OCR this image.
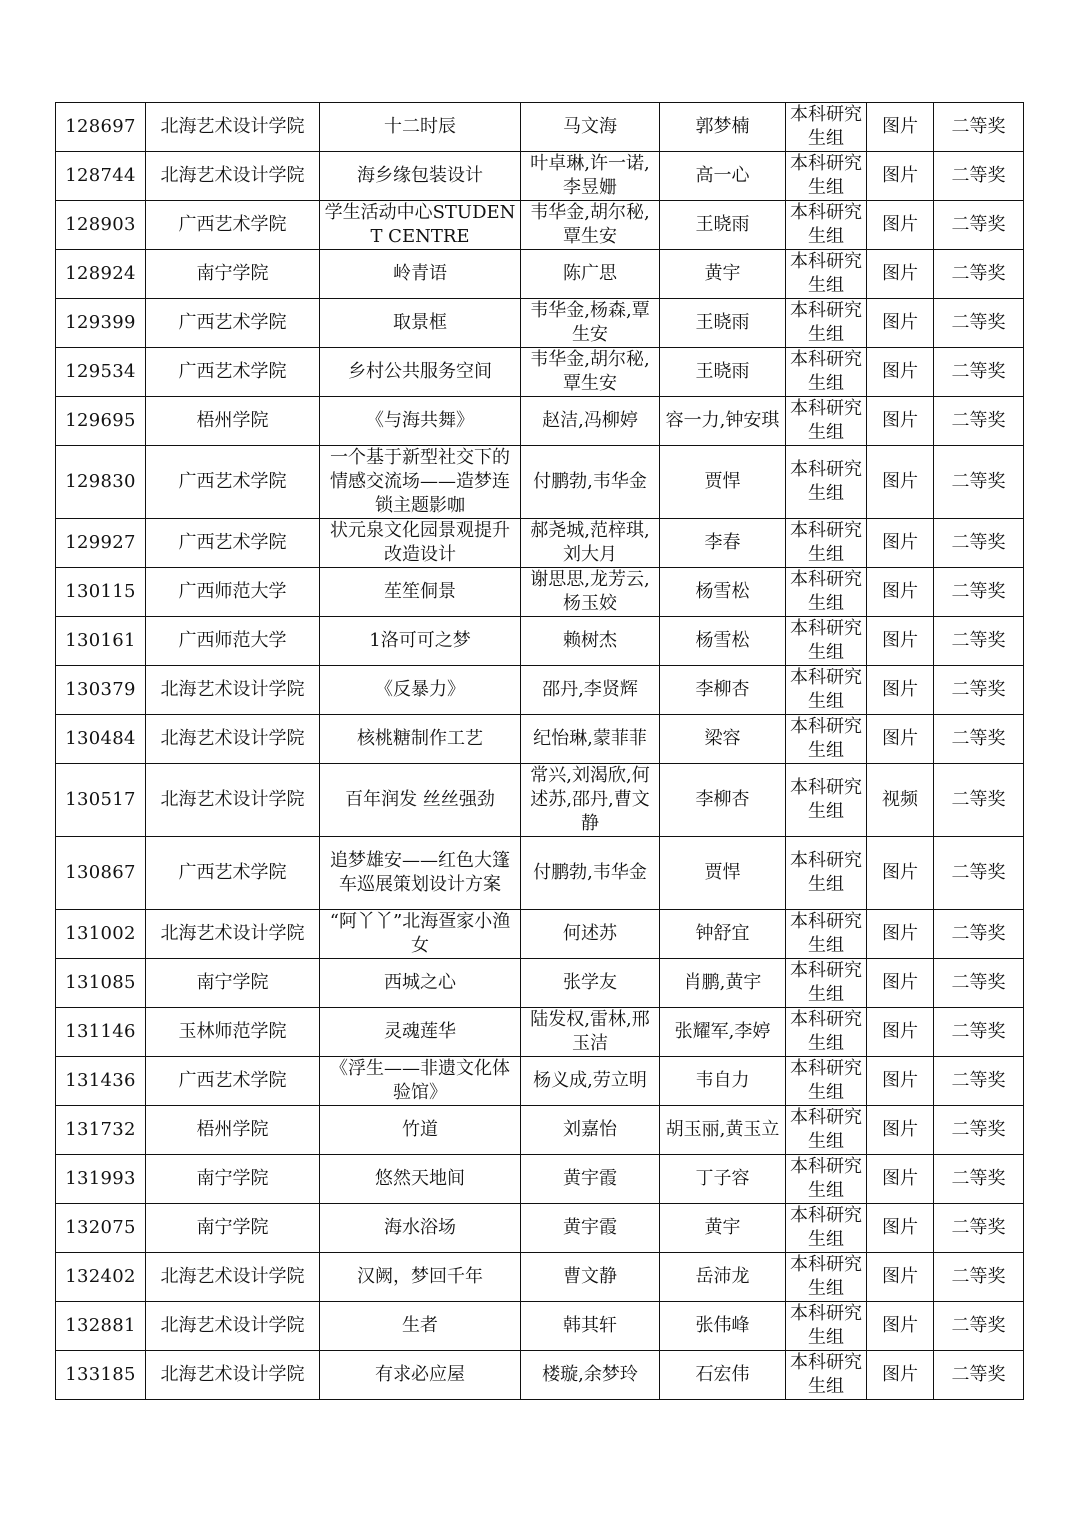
128697	北海艺术设计学院	十二时辰	马文海	郭梦楠	本科研究生组	图片	二等奖
128744	北海艺术设计学院	海乡缘包装设计	叶卓琳,许一诺,李昱姗	高一心	本科研究生组	图片	二等奖
128903	广西艺术学院	学生活动中心STUDENT CENTRE	韦华金,胡尔秘,覃生安	王晓雨	本科研究生组	图片	二等奖
128924	南宁学院	岭青语	陈广思	黄宇	本科研究生组	图片	二等奖
129399	广西艺术学院	取景框	韦华金,杨森,覃生安	王晓雨	本科研究生组	图片	二等奖
129534	广西艺术学院	乡村公共服务空间	韦华金,胡尔秘,覃生安	王晓雨	本科研究生组	图片	二等奖
129695	梧州学院	《与海共舞》	赵洁,冯柳婷	容一力,钟安琪	本科研究生组	图片	二等奖
129830	广西艺术学院	一个基于新型社交下的情感交流场——造梦连锁主题影咖	付鹏勃,韦华金	贾悍	本科研究生组	图片	二等奖
129927	广西艺术学院	状元泉文化园景观提升改造设计	郝尧城,范梓琪,刘大月	李春	本科研究生组	图片	二等奖
130115	广西师范大学	苼笙侗景	谢思思,龙芳云,杨玉姣	杨雪松	本科研究生组	图片	二等奖
130161	广西师范大学	1洛可可之梦	赖树杰	杨雪松	本科研究生组	图片	二等奖
130379	北海艺术设计学院	《反暴力》	邵丹,李贤辉	李柳杏	本科研究生组	图片	二等奖
130484	北海艺术设计学院	核桃糖制作工艺	纪怡琳,蒙菲菲	梁容	本科研究生组	图片	二等奖
130517	北海艺术设计学院	百年润发 丝丝强劲	常兴,刘渴欣,何述苏,邵丹,曹文静	李柳杏	本科研究生组	视频	二等奖
130867	广西艺术学院	追梦雄安——红色大篷车巡展策划设计方案	付鹏勃,韦华金	贾悍	本科研究生组	图片	二等奖
131002	北海艺术设计学院	“阿丫丫”北海疍家小渔女	何述苏	钟舒宜	本科研究生组	图片	二等奖
131085	南宁学院	西城之心	张学友	肖鹏,黄宇	本科研究生组	图片	二等奖
131146	玉林师范学院	灵魂莲华	陆发权,雷林,邢玉洁	张耀军,李婷	本科研究生组	图片	二等奖
131436	广西艺术学院	《浮生——非遗文化体验馆》	杨义成,劳立明	韦自力	本科研究生组	图片	二等奖
131732	梧州学院	竹道	刘嘉怡	胡玉丽,黄玉立	本科研究生组	图片	二等奖
131993	南宁学院	悠然天地间	黄宇霞	丁子容	本科研究生组	图片	二等奖
132075	南宁学院	海水浴场	黄宇霞	黄宇	本科研究生组	图片	二等奖
132402	北海艺术设计学院	汉阙，梦回千年	曹文静	岳沛龙	本科研究生组	图片	二等奖
132881	北海艺术设计学院	生者	韩其轩	张伟峰	本科研究生组	图片	二等奖
133185	北海艺术设计学院	有求必应屋	楼璇,余梦玲	石宏伟	本科研究生组	图片	二等奖
